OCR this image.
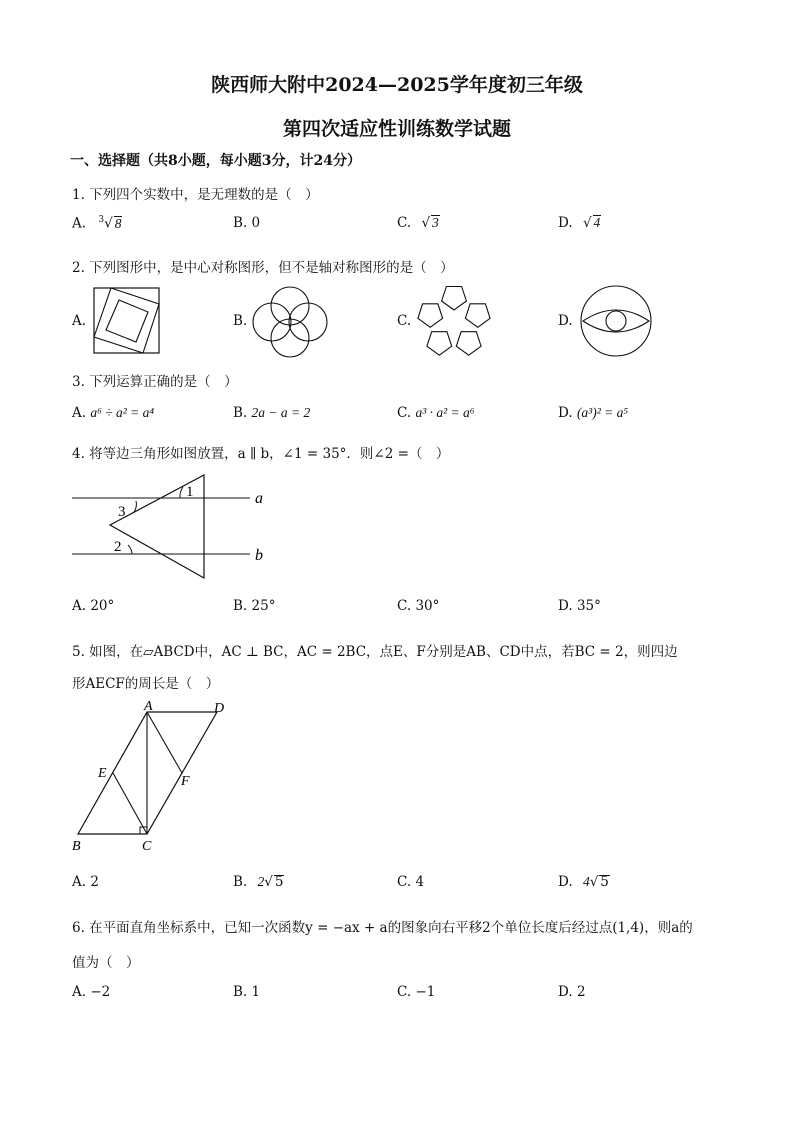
陕西师大附中2024—2025学年度初三年级
第四次适应性训练数学试题
一、选择题（共8小题，每小题3分，计24分）
1. 下列四个实数中，是无理数的是（　）
A. $^3$√ 8	B. 0	C. √ 3	D. √ 4
2. 下列图形中，是中心对称图形，但不是轴对称图形的是（　）
A.	B.	C.	D.
3. 下列运算正确的是（　）
A. a⁶ ÷ a² = a⁴	B. 2a − a = 2	C. a³ · a² = a⁶	D. (a³)² = a⁵
4. 将等边三角形如图放置，a ∥ b，∠1 = 35°．则∠2 =（　）
a
b
1
2
3
A. 20°	B. 25°	C. 30°	D. 35°
5. 如图，在▱ABCD中，AC ⊥ BC，AC = 2BC，点E、F分别是AB、CD中点，若BC = 2，则四边
形AECF的周长是（　）
A	D
B	C
E
F
A. 2	B. 2√ 5	C. 4	D. 4√ 5
6. 在平面直角坐标系中，已知一次函数y = −ax + a的图象向右平移2个单位长度后经过点(1,4)，则a的
值为（　）
A. −2	B. 1	C. −1	D. 2
